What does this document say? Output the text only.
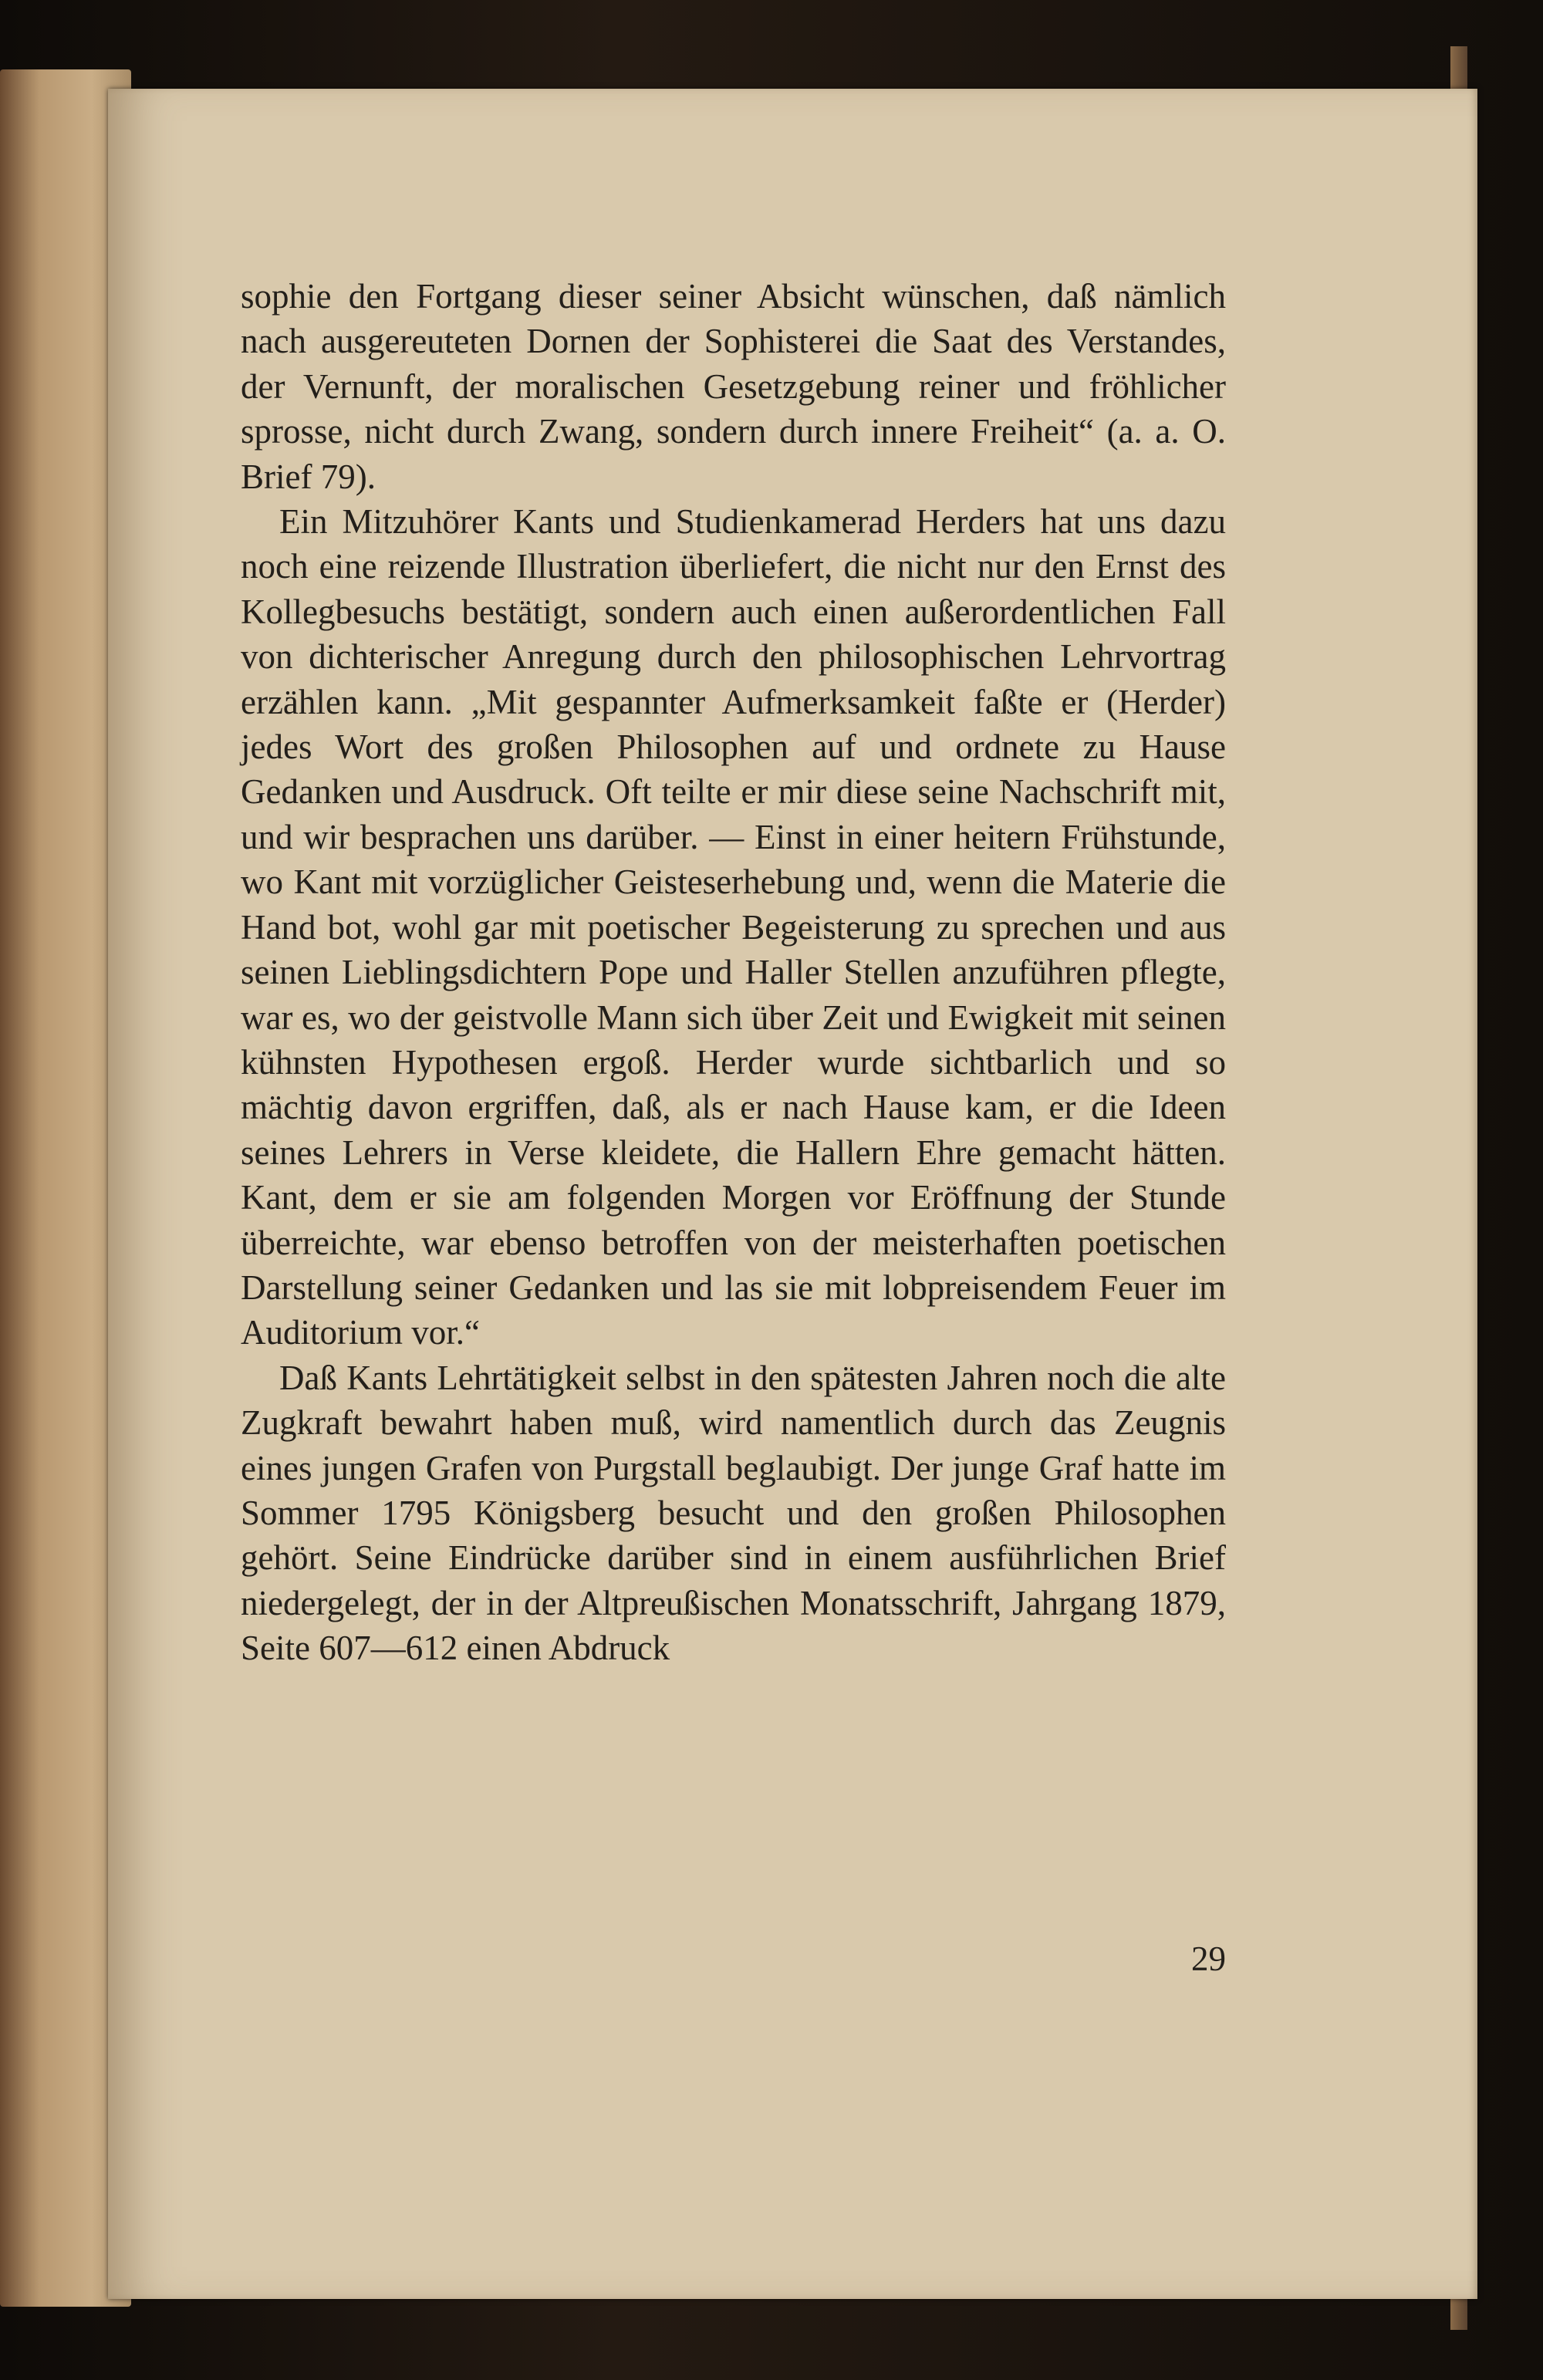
sophie den Fortgang dieser seiner Absicht wünschen, daß nämlich nach ausgereuteten Dornen der Sophisterei die Saat des Verstandes, der Vernunft, der moralischen Gesetzgebung reiner und fröhlicher sprosse, nicht durch Zwang, sondern durch innere Freiheit“ (a. a. O. Brief 79).

Ein Mitzuhörer Kants und Studienkamerad Herders hat uns dazu noch eine reizende Illustration überliefert, die nicht nur den Ernst des Kollegbesuchs bestätigt, sondern auch einen außerordentlichen Fall von dichterischer Anregung durch den philosophischen Lehrvortrag erzählen kann. „Mit gespannter Aufmerksamkeit faßte er (Herder) jedes Wort des großen Philosophen auf und ordnete zu Hause Gedanken und Ausdruck. Oft teilte er mir diese seine Nachschrift mit, und wir besprachen uns darüber. — Einst in einer heitern Frühstunde, wo Kant mit vorzüglicher Geisteserhebung und, wenn die Materie die Hand bot, wohl gar mit poetischer Begeisterung zu sprechen und aus seinen Lieblingsdichtern Pope und Haller Stellen anzuführen pflegte, war es, wo der geistvolle Mann sich über Zeit und Ewigkeit mit seinen kühnsten Hypothesen ergoß. Herder wurde sichtbarlich und so mächtig davon ergriffen, daß, als er nach Hause kam, er die Ideen seines Lehrers in Verse kleidete, die Hallern Ehre gemacht hätten. Kant, dem er sie am folgenden Morgen vor Eröffnung der Stunde überreichte, war ebenso betroffen von der meisterhaften poetischen Darstellung seiner Gedanken und las sie mit lobpreisendem Feuer im Auditorium vor.“

Daß Kants Lehrtätigkeit selbst in den spätesten Jahren noch die alte Zugkraft bewahrt haben muß, wird namentlich durch das Zeugnis eines jungen Grafen von Purgstall beglaubigt. Der junge Graf hatte im Sommer 1795 Königsberg besucht und den großen Philosophen gehört. Seine Eindrücke darüber sind in einem ausführlichen Brief niedergelegt, der in der Altpreußischen Monatsschrift, Jahrgang 1879, Seite 607—612 einen Abdruck

29
